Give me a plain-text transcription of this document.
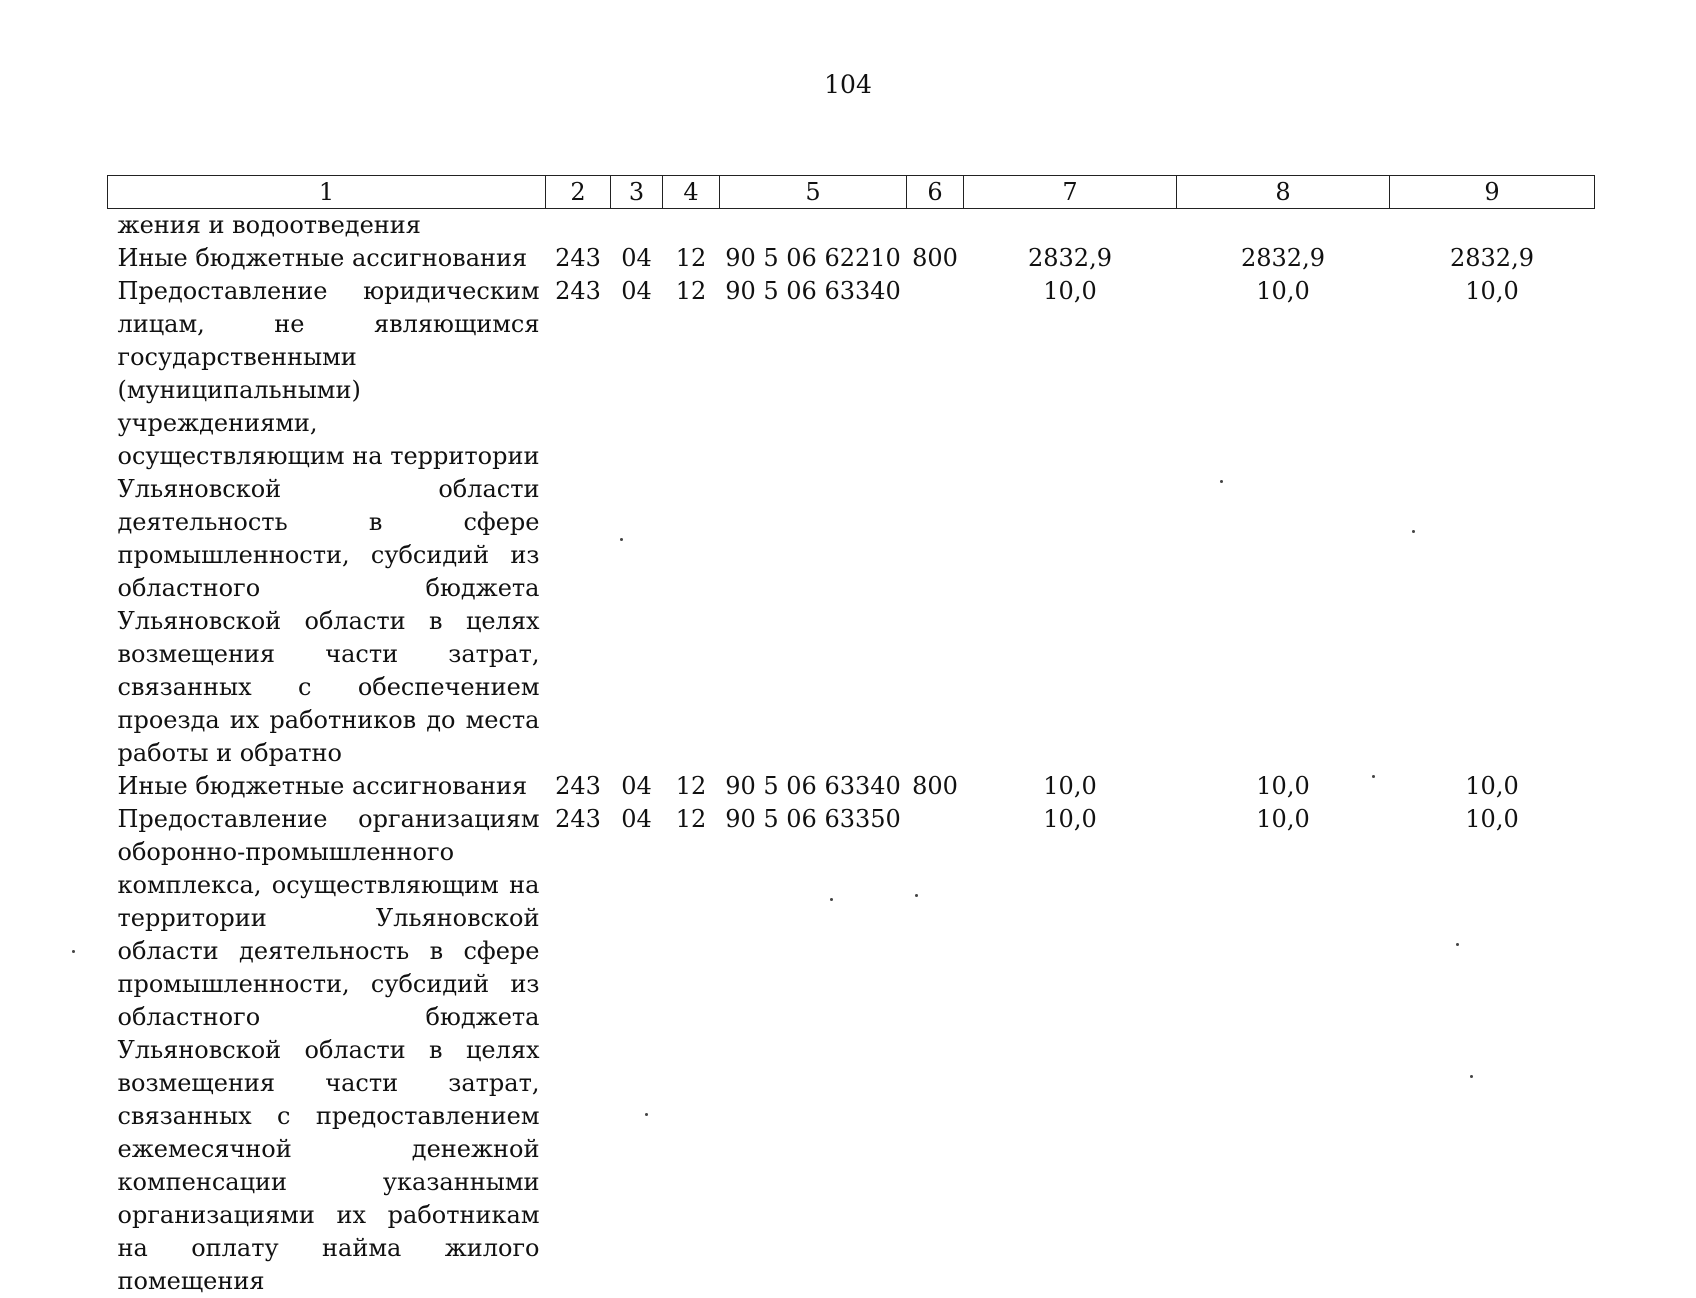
104
1	2	3	4	5	6	7	8	9
жения и водоотведения								
Иные бюджетные ассигнования	243	04	12	90 5 06 62210	800	2832,9	2832,9	2832,9
Предоставление юридическим лицам, не являющимся государственными (муниципальными) учреждениями, осуществляющим на территории Ульяновской области деятельность в сфере промышленности, субсидий из областного бюджета Ульяновской области в целях возмещения части затрат, связанных с обеспечением проезда их работников до места работы и обратно	243	04	12	90 5 06 63340		10,0	10,0	10,0
Иные бюджетные ассигнования	243	04	12	90 5 06 63340	800	10,0	10,0	10,0
Предоставление организациям оборонно-промышленного комплекса, осуществляющим на территории Ульяновской области деятельность в сфере промышленности, субсидий из областного бюджета Ульяновской области в целях возмещения части затрат, связанных с предоставлением ежемесячной денежной компенсации указанными организациями их работникам на оплату найма жилого помещения	243	04	12	90 5 06 63350		10,0	10,0	10,0
